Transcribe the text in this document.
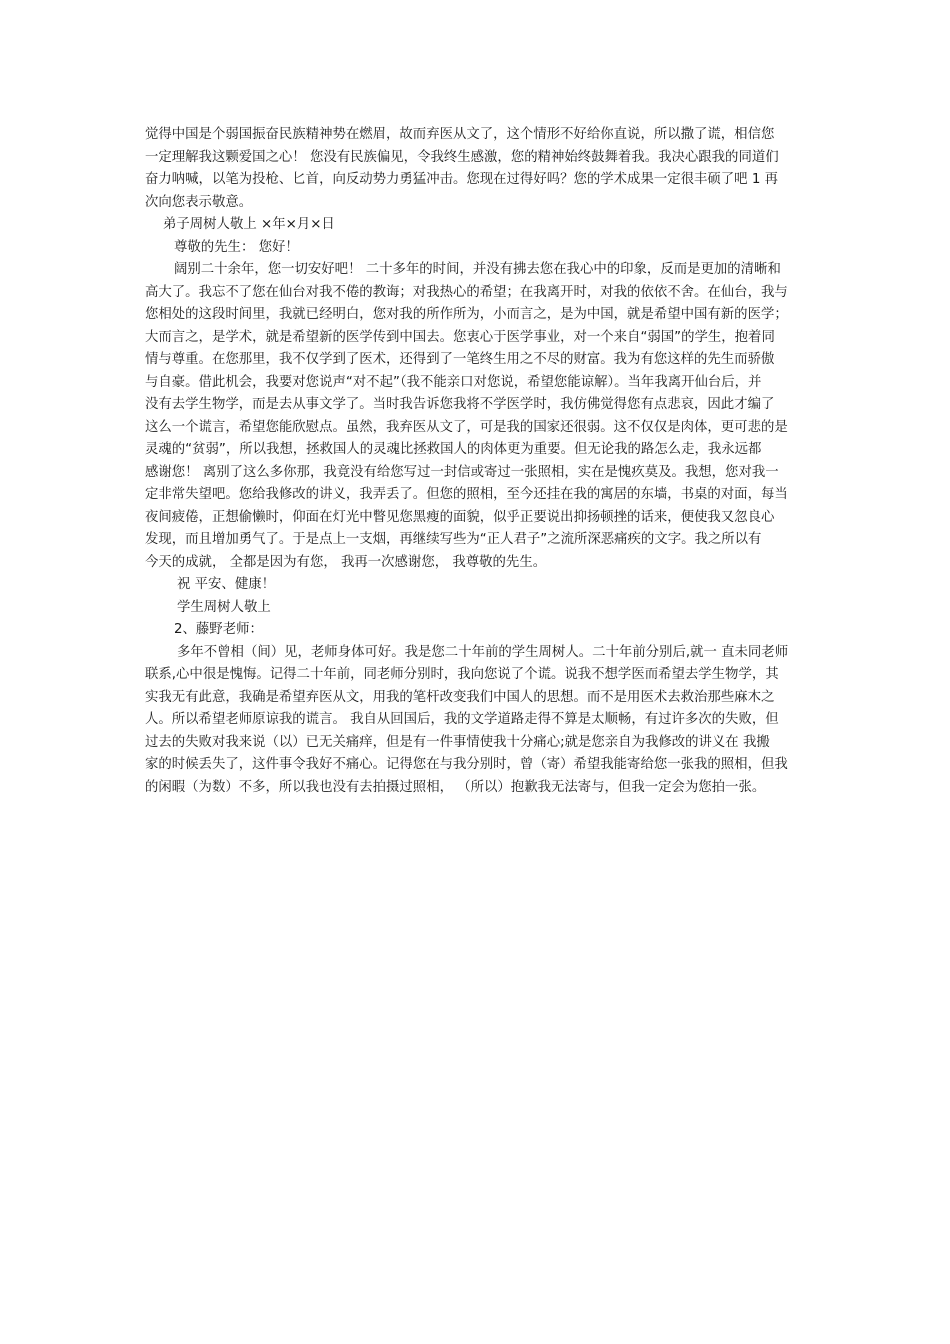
觉得中国是个弱国振奋民族精神势在燃眉，故而弃医从文了，这个情形不好给你直说，所以撒了谎，相信您
一定理解我这颗爱国之心！ 您没有民族偏见，令我终生感激，您的精神始终鼓舞着我。我决心跟我的同道们
奋力呐喊，以笔为投枪、匕首，向反动势力勇猛冲击。您现在过得好吗？您的学术成果一定很丰硕了吧 1 再
次向您表示敬意。
弟子周树人敬上 ×年×月×日
尊敬的先生： 您好！
阔别二十余年，您一切安好吧！ 二十多年的时间，并没有拂去您在我心中的印象，反而是更加的清晰和
高大了。我忘不了您在仙台对我不倦的教诲；对我热心的希望；在我离开时，对我的依依不舍。在仙台，我与
您相处的这段时间里，我就已经明白，您对我的所作所为，小而言之，是为中国，就是希望中国有新的医学；
大而言之，是学术，就是希望新的医学传到中国去。您衷心于医学事业，对一个来自“弱国”的学生，抱着同
情与尊重。在您那里，我不仅学到了医术，还得到了一笔终生用之不尽的财富。我为有您这样的先生而骄傲
与自豪。借此机会，我要对您说声“对不起”（我不能亲口对您说，希望您能谅解）。当年我离开仙台后，并
没有去学生物学，而是去从事文学了。当时我告诉您我将不学医学时，我仿佛觉得您有点悲哀，因此才编了
这么一个谎言，希望您能欣慰点。虽然，我弃医从文了，可是我的国家还很弱。这不仅仅是肉体，更可悲的是
灵魂的“贫弱”，所以我想，拯救国人的灵魂比拯救国人的肉体更为重要。但无论我的路怎么走，我永远都
感谢您！ 离别了这么多你那，我竟没有给您写过一封信或寄过一张照相，实在是愧疚莫及。我想，您对我一
定非常失望吧。您给我修改的讲义，我弄丢了。但您的照相，至今还挂在我的寓居的东墙，书桌的对面，每当
夜间疲倦，正想偷懒时，仰面在灯光中瞥见您黑瘦的面貌，似乎正要说出抑扬顿挫的话来，便使我又忽良心
发现，而且增加勇气了。于是点上一支烟，再继续写些为“正人君子”之流所深恶痛疾的文字。我之所以有
今天的成就， 全都是因为有您， 我再一次感谢您， 我尊敬的先生。
祝 平安、健康！
学生周树人敬上
2、藤野老师：
多年不曾相（间）见，老师身体可好。我是您二十年前的学生周树人。二十年前分别后,就一 直未同老师
联系,心中很是愧悔。记得二十年前，同老师分别时，我向您说了个谎。说我不想学医而希望去学生物学，其
实我无有此意，我确是希望弃医从文，用我的笔杆改变我们中国人的思想。而不是用医术去救治那些麻木之
人。所以希望老师原谅我的谎言。 我自从回国后，我的文学道路走得不算是太顺畅，有过许多次的失败，但
过去的失败对我来说（以）已无关痛痒，但是有一件事情使我十分痛心;就是您亲自为我修改的讲义在 我搬
家的时候丢失了，这件事令我好不痛心。记得您在与我分别时，曾（寄）希望我能寄给您一张我的照相，但我
的闲暇（为数）不多，所以我也没有去拍摄过照相， （所以）抱歉我无法寄与，但我一定会为您拍一张。
